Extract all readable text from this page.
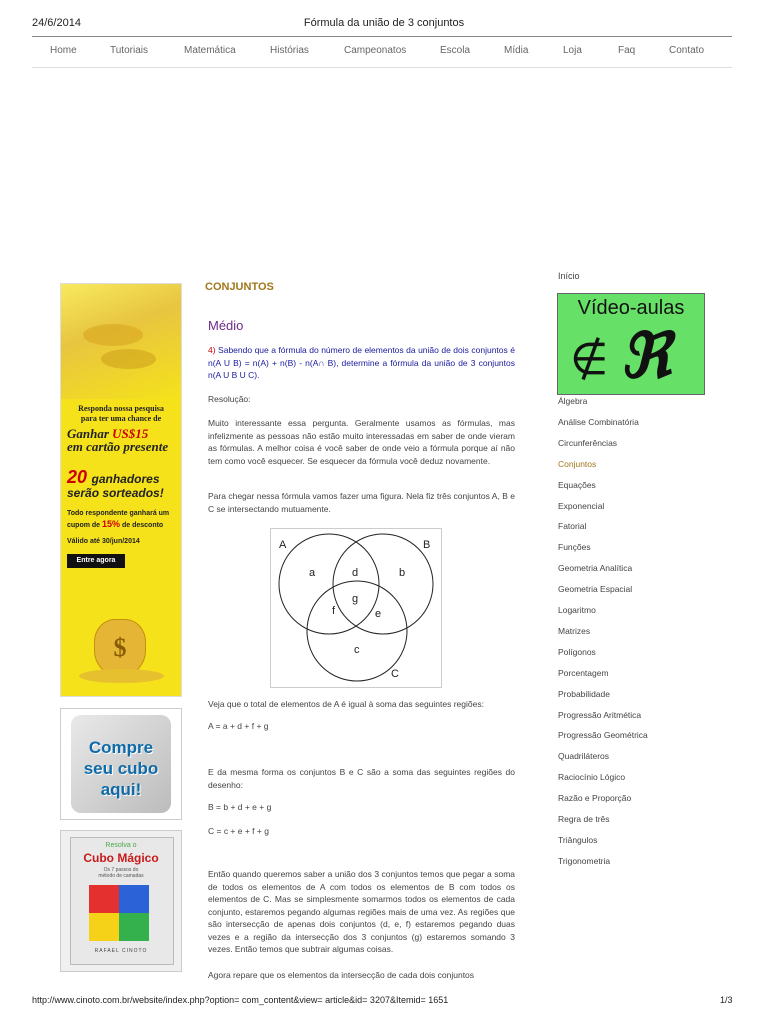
24/6/2014	Fórmula da união de 3 conjuntos
Home	Tutoriais	Matemática	Histórias	Campeonatos	Escola	Mídia	Loja	Faq	Contato
Responda nossa pesquisa
para ter uma chance de
Ganhar US$15
em cartão presente
20 ganhadores
serão sorteados!
Todo respondente ganhará um
cupom de 15% de desconto
Válido até 30/jun/2014
Entre agora
$
Compre
seu cubo
aqui!
Resolva o
Cubo Mágico
Os 7 passos do
método de camadas
RAFAEL CINOTO
CONJUNTOS
Médio
4) Sabendo que a fórmula do número de elementos da união de dois conjuntos é n(A U B) = n(A) + n(B) - n(A∩ B), determine a fórmula da união de 3 conjuntos n(A U B U C).
Resolução:
Muito interessante essa pergunta. Geralmente usamos as fórmulas, mas infelizmente as pessoas não estão muito interessadas em saber de onde vieram as fórmulas. A melhor coisa é você saber de onde veio a fórmula porque aí não tem como você esquecer. Se esquecer da fórmula você deduz novamente.
Para chegar nessa fórmula vamos fazer uma figura. Nela fiz três conjuntos A, B e C se intersectando mutuamente.
A	B
C
a	d	b
g
f	e
c
Veja que o total de elementos de A é igual à soma das seguintes regiões:
A = a + d + f + g
E da mesma forma os conjuntos B e C são a soma das seguintes regiões do desenho:
B = b + d + e + g
C = c + e + f + g
Então quando queremos saber a união dos 3 conjuntos temos que pegar a soma de todos os elementos de A com todos os elementos de B com todos os elementos de C. Mas se simplesmente somarmos todos os elementos de cada conjunto, estaremos pegando algumas regiões mais de uma vez. As regiões que são intersecção de apenas dois conjuntos (d, e, f) estaremos pegando duas vezes e a região da intersecção dos 3 conjuntos (g) estaremos somando 3 vezes. Então temos que subtrair algumas coisas.
Agora repare que os elementos da intersecção de cada dois conjuntos
Início
Vídeo-aulas
∉ ℜ
Álgebra
Análise Combinatória
Circunferências
Conjuntos
Equações
Exponencial
Fatorial
Funções
Geometria Analítica
Geometria Espacial
Logaritmo
Matrizes
Polígonos
Porcentagem
Probabilidade
Progressão Aritmética
Progressão Geométrica
Quadriláteros
Raciocínio Lógico
Razão e Proporção
Regra de três
Triângulos
Trigonometria
http://www.cinoto.com.br/website/index.php?option= com_content&view= article&id= 3207&Itemid= 1651	1/3
